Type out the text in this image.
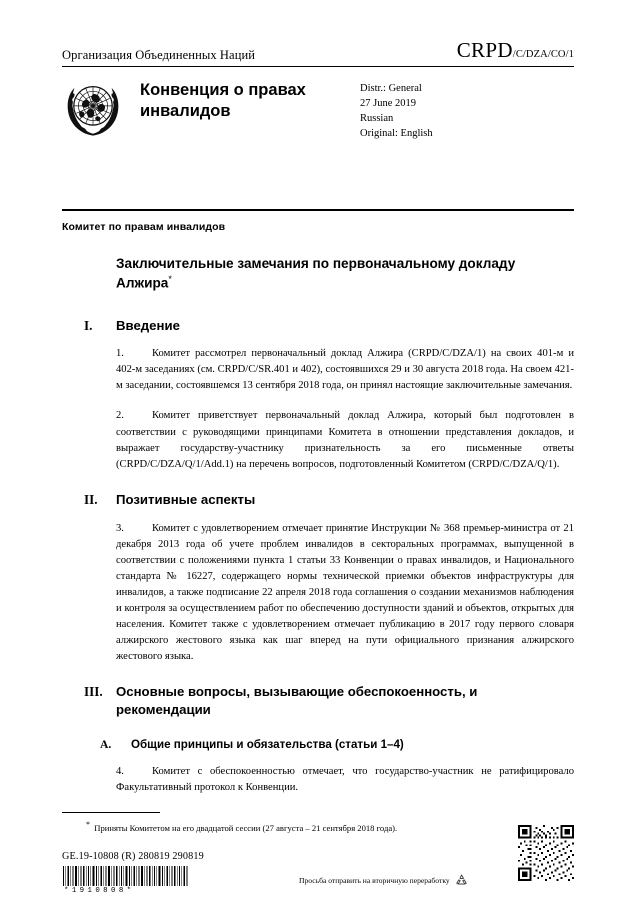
Организация Объединенных Наций	CRPD /C/DZA/CO/1
Конвенция о правах инвалидов
Distr.: General
27 June 2019
Russian
Original: English
Комитет по правам инвалидов
Заключительные замечания по первоначальному докладу Алжира*
I.	Введение

1.	Комитет рассмотрел первоначальный доклад Алжира (CRPD/C/DZA/1) на своих 401-м и 402-м заседаниях (см. CRPD/C/SR.401 и 402), состоявшихся 29 и 30 августа 2018 года. На своем 421-м заседании, состоявшемся 13 сентября 2018 года, он принял настоящие заключительные замечания.

2.	Комитет приветствует первоначальный доклад Алжира, который был подготовлен в соответствии с руководящими принципами Комитета в отношении представления докладов, и выражает государству-участнику признательность за его письменные ответы (CRPD/C/DZA/Q/1/Add.1) на перечень вопросов, подготовленный Комитетом (CRPD/C/DZA/Q/1).

II.	Позитивные аспекты

3.	Комитет с удовлетворением отмечает принятие Инструкции № 368 премьер-министра от 21 декабря 2013 года об учете проблем инвалидов в секторальных программах, выпущенной в соответствии с положениями пункта 1 статьи 33 Конвенции о правах инвалидов, и Национального стандарта № 16227, содержащего нормы технической приемки объектов инфраструктуры для инвалидов, а также подписание 22 апреля 2018 года соглашения о создании механизмов наблюдения и контроля за осуществлением работ по обеспечению доступности зданий и объектов, открытых для населения. Комитет также с удовлетворением отмечает публикацию в 2017 году первого словаря алжирского жестового языка как шаг вперед на пути официального признания алжирского жестового языка.

III.	Основные вопросы, вызывающие обеспокоенность, и рекомендации
A.	Общие принципы и обязательства (статьи 1–4)

4.	Комитет с обеспокоенностью отмечает, что государство-участник не ратифицировало Факультативный протокол к Конвенции.

* Приняты Комитетом на его двадцатой сессии (27 августа – 21 сентября 2018 года).
GE.19-10808 (R) 280819 290819
*1910808*
Просьба отправить на вторичную переработку
